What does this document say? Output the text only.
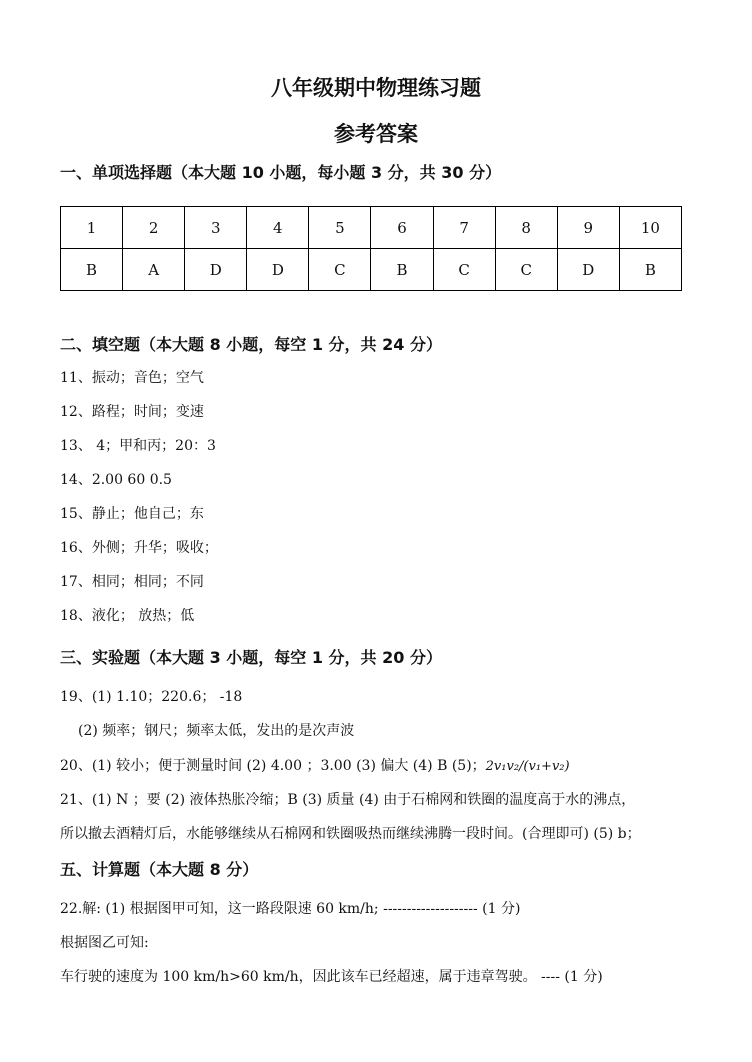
八年级期中物理练习题
参考答案
一、单项选择题（本大题 10 小题，每小题 3 分，共 30 分）
1	2	3	4	5	6	7	8	9	10
B	A	D	D	C	B	C	C	D	B
二、填空题（本大题 8 小题，每空 1 分，共 24 分）
11、振动；音色；空气
12、路程；时间；变速
13、 4；甲和丙；20：3
14、2.00 60 0.5
15、静止；他自己；东
16、外侧；升华；吸收；
17、相同；相同；不同
18、液化； 放热；低
三、实验题（本大题 3 小题，每空 1 分，共 20 分）
19、(1) 1.10；220.6； -18
(2) 频率；钢尺；频率太低，发出的是次声波
20、(1) 较小；便于测量时间 (2) 4.00 ；3.00 (3) 偏大 (4) B (5)；2v₁v₂/(v₁+v₂)
21、(1) N ；要 (2) 液体热胀冷缩；B (3) 质量 (4) 由于石棉网和铁圈的温度高于水的沸点，
所以撤去酒精灯后，水能够继续从石棉网和铁圈吸热而继续沸腾一段时间。(合理即可) (5) b；
五、计算题（本大题 8 分）
22.解: (1) 根据图甲可知，这一路段限速 60 km/h; -------------------- (1 分)
根据图乙可知:
车行驶的速度为 100 km/h>60 km/h，因此该车已经超速，属于违章驾驶。 ---- (1 分)
